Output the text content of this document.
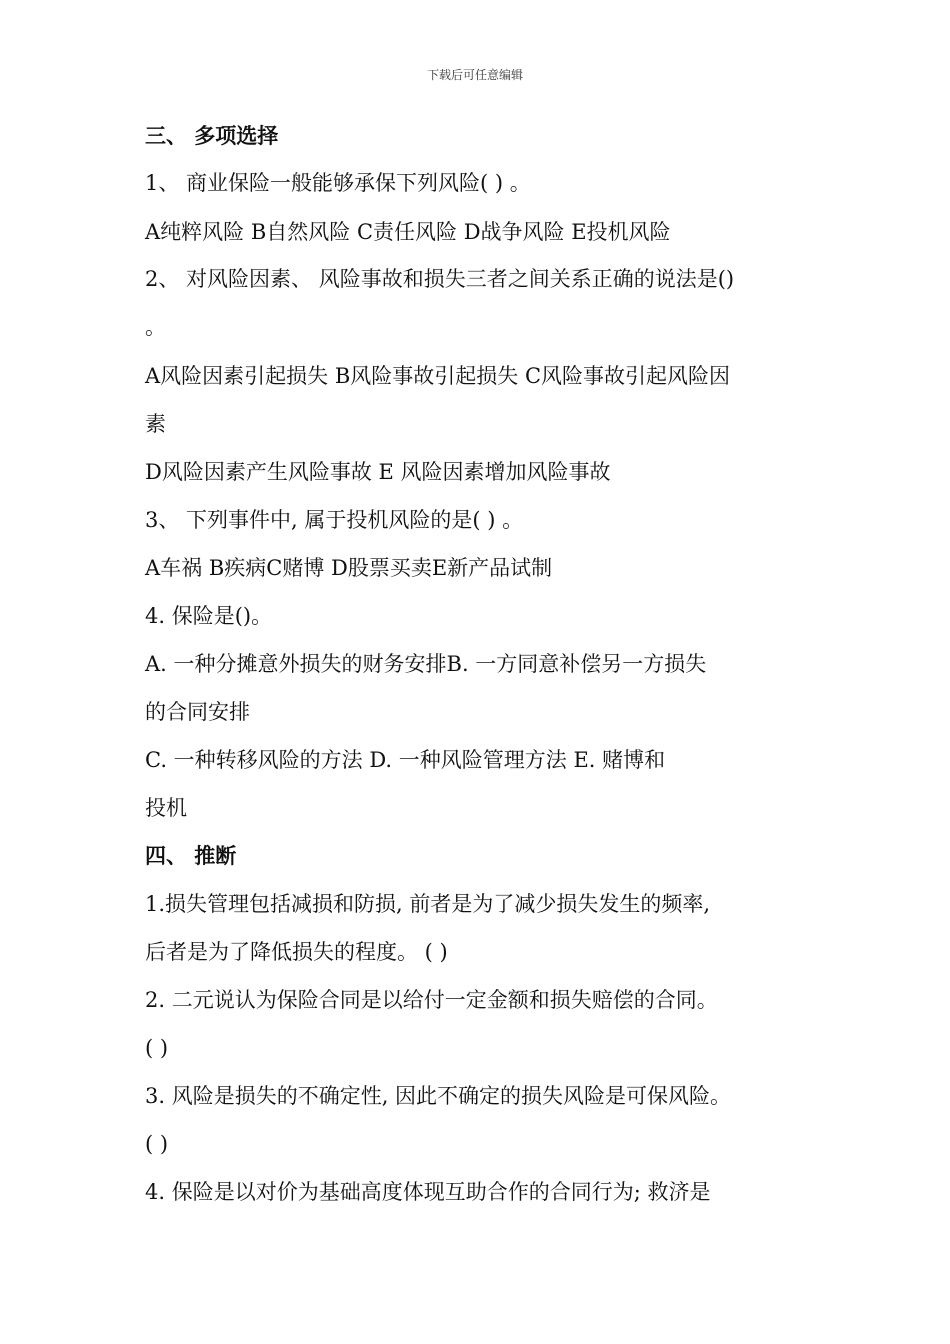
下载后可任意编辑
三、 多项选择
1、 商业保险一般能够承保下列风险( ) 。
A纯粹风险 B自然风险 C责任风险 D战争风险 E投机风险
2、 对风险因素、 风险事故和损失三者之间关系正确的说法是()
。
A风险因素引起损失 B风险事故引起损失 C风险事故引起风险因
素
D风险因素产生风险事故 E 风险因素增加风险事故
3、 下列事件中, 属于投机风险的是( ) 。
A车祸 B疾病C赌博 D股票买卖E新产品试制
4. 保险是()。
A. 一种分摊意外损失的财务安排B. 一方同意补偿另一方损失
的合同安排
C. 一种转移风险的方法 D. 一种风险管理方法 E. 赌博和
投机
四、 推断
1.损失管理包括减损和防损, 前者是为了减少损失发生的频率,
后者是为了降低损失的程度。 ( )
2. 二元说认为保险合同是以给付一定金额和损失赔偿的合同。
( )
3. 风险是损失的不确定性, 因此不确定的损失风险是可保风险。
( )
4. 保险是以对价为基础高度体现互助合作的合同行为; 救济是
